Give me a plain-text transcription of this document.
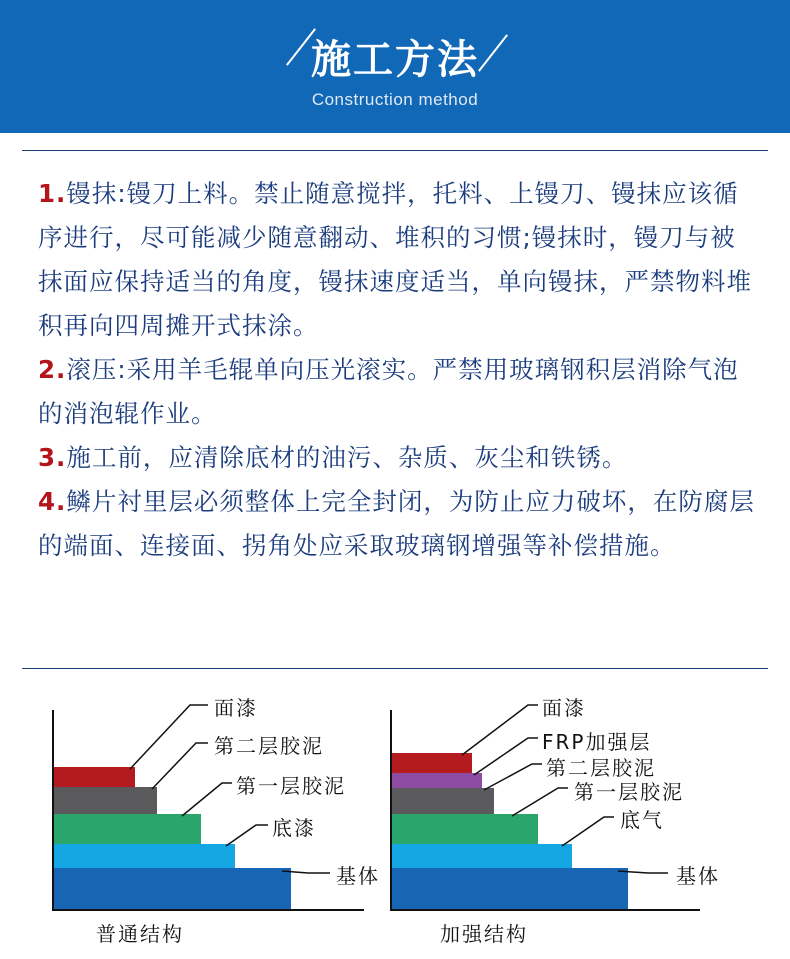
施工方法
Construction method
1.镘抹:镘刀上料。禁止随意搅拌，托料、上镘刀、镘抹应该循序进行，尽可能减少随意翻动、堆积的习惯;镘抹时，镘刀与被抹面应保持适当的角度，镘抹速度适当，单向镘抹，严禁物料堆积再向四周摊开式抹涂。
2.滚压:采用羊毛辊单向压光滚实。严禁用玻璃钢积层消除气泡的消泡辊作业。
3.施工前，应清除底材的油污、杂质、灰尘和铁锈。
4.鳞片衬里层必须整体上完全封闭，为防止应力破坏，在防腐层的端面、连接面、拐角处应采取玻璃钢增强等补偿措施。
面漆
第二层胶泥
第一层胶泥
底漆
基体
普通结构
面漆
FRP加强层
第二层胶泥
第一层胶泥
底气
基体
加强结构
